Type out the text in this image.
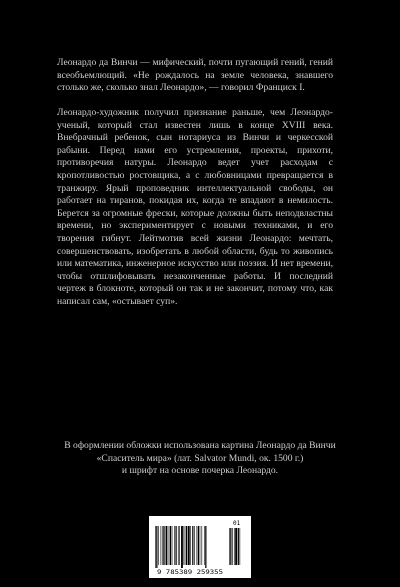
Леонардо да Винчи — мифический, почти пугающий гений, гений всеобъемлющий. «Не рождалось на земле человека, знавшего столько же, сколько знал Леонардо», — говорил Франциск I.

Леонардо-художник получил признание раньше, чем Леонардо-ученый, который стал известен лишь в конце XVIII века. Внебрачный ребенок, сын нотариуса из Винчи и черкесской рабыни. Перед нами его устремления, проекты, прихоти, противоречия натуры. Леонардо ведет учет расходам с кропотливостью ростовщика, а с любовницами превращается в транжиру. Ярый проповедник интеллектуальной свободы, он работает на тиранов, покидая их, когда те впадают в немилость. Берется за огромные фрески, которые должны быть неподвластны времени, но экспериментирует с новыми техниками, и его творения гибнут. Лейтмотив всей жизни Леонардо: мечтать, совершенствовать, изобретать в любой области, будь то живопись или математика, инженерное искусство или поэзия. И нет времени, чтобы отшлифовывать незаконченные работы. И последний чертеж в блокноте, который он так и не закончит, потому что, как написал сам, «остывает суп».

В оформлении обложки использована картина Леонардо да Винчи
«Спаситель мира» (лат. Salvator Mundi, ок. 1500 г.)
и шрифт на основе почерка Леонардо.

9 785389 259355
01
